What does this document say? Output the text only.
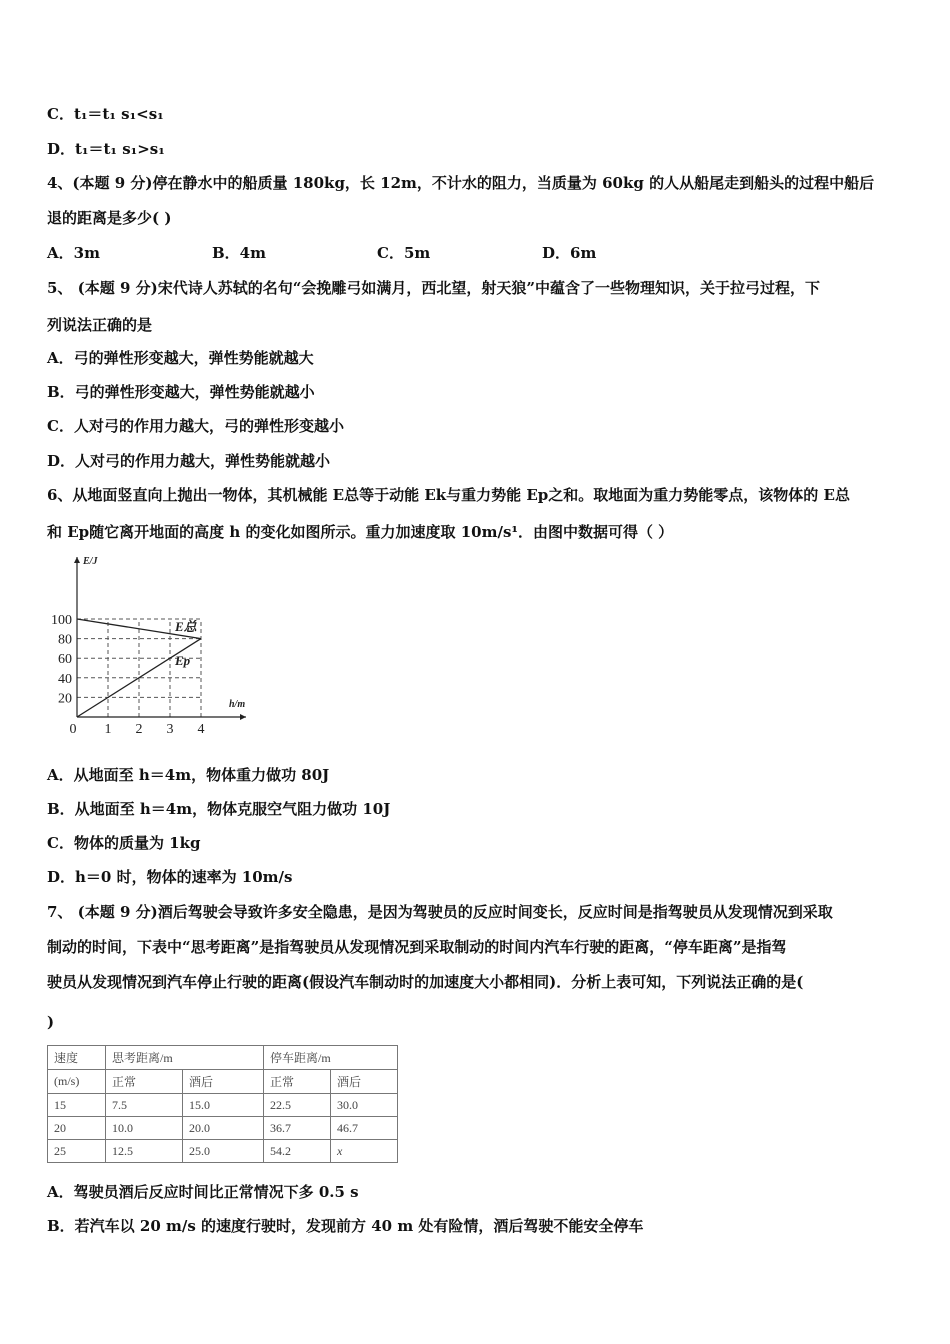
C．t₁＝t₁ s₁<s₁
D．t₁＝t₁ s₁>s₁
4、(本题 9 分)停在静水中的船质量 180kg，长 12m，不计水的阻力，当质量为 60kg 的人从船尾走到船头的过程中船后
退的距离是多少( )
A．3m	B．4m	C．5m	D．6m
5、 (本题 9 分)宋代诗人苏轼的名句“会挽雕弓如满月，西北望，射天狼”中蕴含了一些物理知识，关于拉弓过程，下
列说法正确的是
A．弓的弹性形变越大，弹性势能就越大
B．弓的弹性形变越大，弹性势能就越小
C．人对弓的作用力越大，弓的弹性形变越小
D．人对弓的作用力越大，弹性势能就越小
6、从地面竖直向上抛出一物体，其机械能 E总等于动能 Ek与重力势能 Ep之和。取地面为重力势能零点，该物体的 E总
和 Ep随它离开地面的高度 h 的变化如图所示。重力加速度取 10m/s¹．由图中数据可得（ ）
20
40
60
80
100
0 1 2 3 4
E/J
h/m
E总
Ep
A．从地面至 h＝4m，物体重力做功 80J
B．从地面至 h＝4m，物体克服空气阻力做功 10J
C．物体的质量为 1kg
D．h＝0 时，物体的速率为 10m/s
7、 (本题 9 分)酒后驾驶会导致许多安全隐患，是因为驾驶员的反应时间变长，反应时间是指驾驶员从发现情况到采取
制动的时间，下表中“思考距离”是指驾驶员从发现情况到采取制动的时间内汽车行驶的距离，“停车距离”是指驾
驶员从发现情况到汽车停止行驶的距离(假设汽车制动时的加速度大小都相同)．分析上表可知，下列说法正确的是(
)
速度	思考距离/m		停车距离/m	
(m/s)	正常	酒后	正常	酒后
15	7.5	15.0	22.5	30.0
20	10.0	20.0	36.7	46.7
25	12.5	25.0	54.2	x
A．驾驶员酒后反应时间比正常情况下多 0.5 s
B．若汽车以 20 m/s 的速度行驶时，发现前方 40 m 处有险情，酒后驾驶不能安全停车
